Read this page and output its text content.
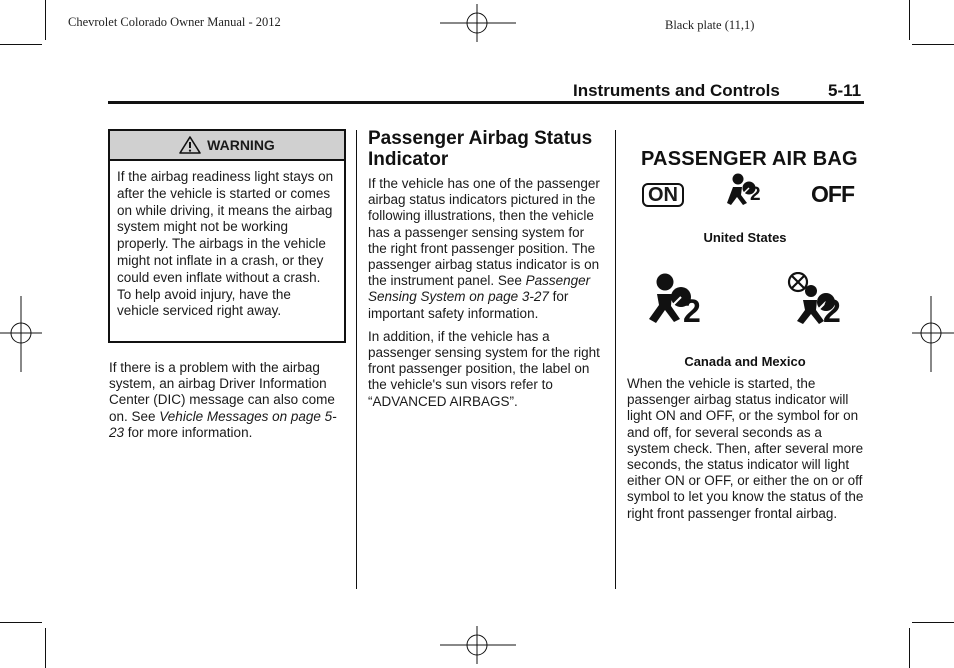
Chevrolet Colorado Owner Manual - 2012	Black plate (11,1)
Instruments and Controls	5-11
WARNING
If the airbag readiness light stays on after the vehicle is started or comes on while driving, it means the airbag system might not be working properly. The airbags in the vehicle might not inflate in a crash, or they could even inflate without a crash. To help avoid injury, have the vehicle serviced right away.
If there is a problem with the airbag system, an airbag Driver Information Center (DIC) message can also come on. See Vehicle Messages on page 5-23 for more information.
Passenger Airbag Status Indicator
If the vehicle has one of the passenger airbag status indicators pictured in the following illustrations, then the vehicle has a passenger sensing system for the right front passenger position. The passenger airbag status indicator is on the instrument panel. See Passenger Sensing System on page 3-27 for important safety information.
In addition, if the vehicle has a passenger sensing system for the right front passenger position, the label on the vehicle's sun visors refer to “ADVANCED AIRBAGS”.
PASSENGER AIR BAG
ON	2 OFF
United States
2	2
Canada and Mexico
When the vehicle is started, the passenger airbag status indicator will light ON and OFF, or the symbol for on and off, for several seconds as a system check. Then, after several more seconds, the status indicator will light either ON or OFF, or either the on or off symbol to let you know the status of the right front passenger frontal airbag.
